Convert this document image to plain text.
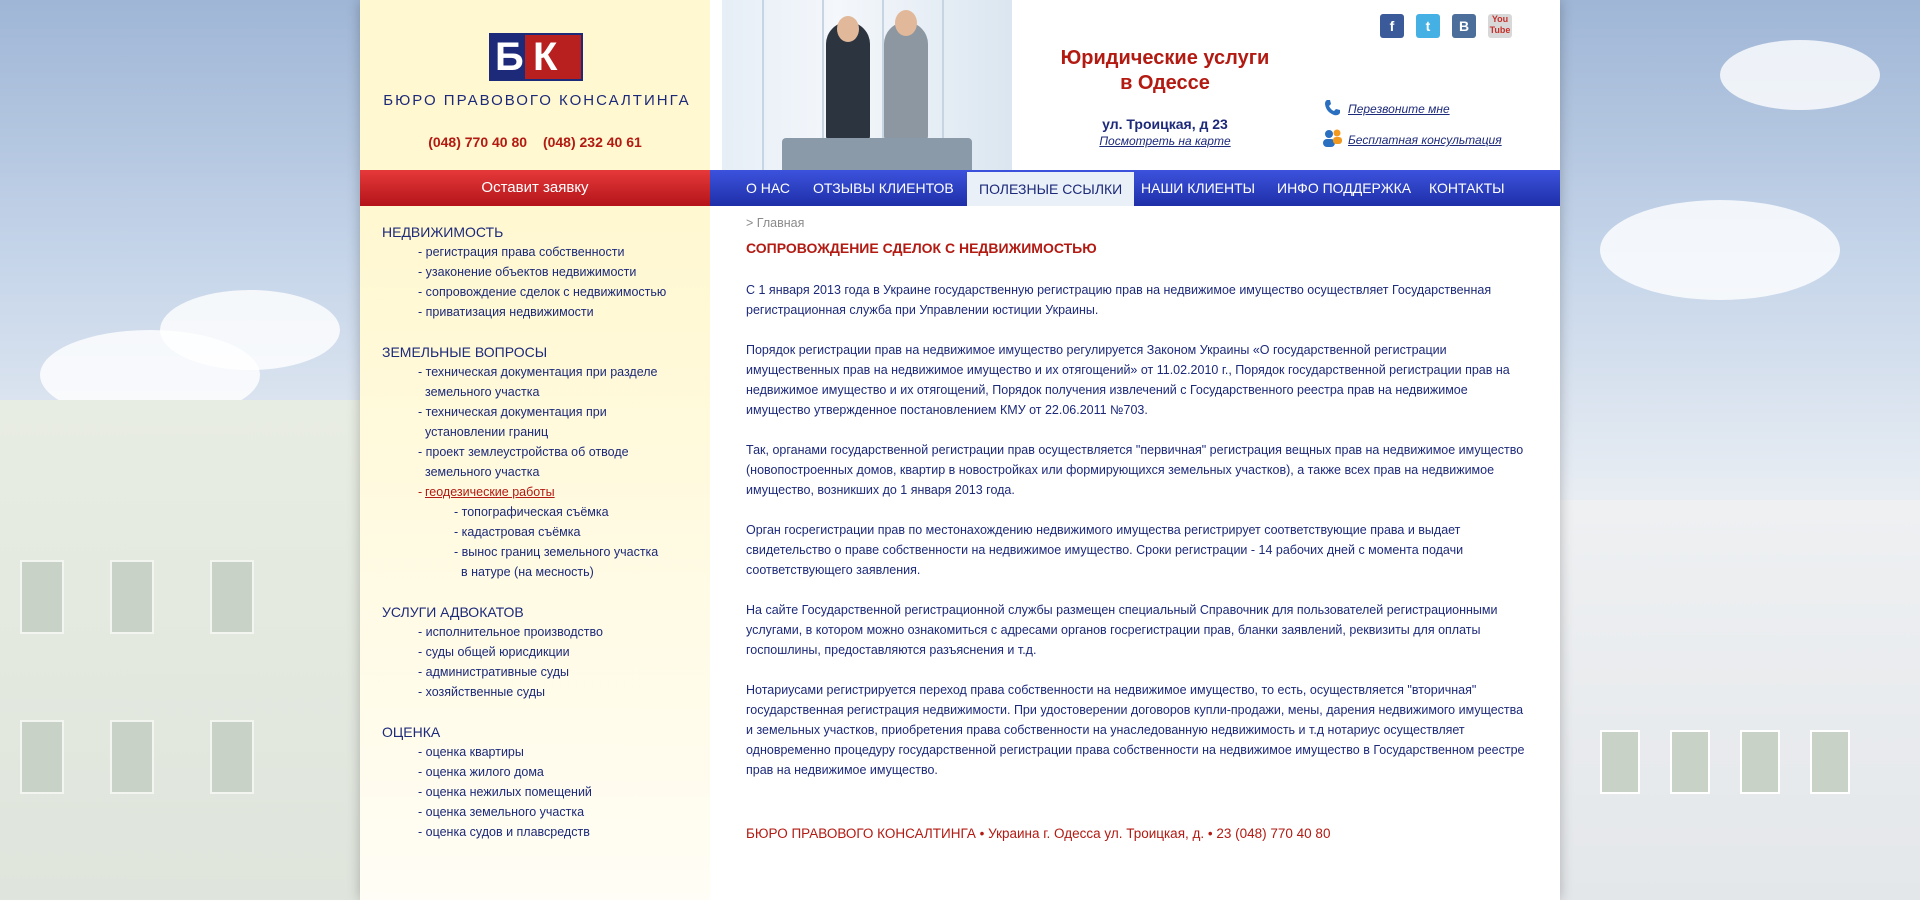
Б К
БЮРО ПРАВОВОГО КОНСАЛТИНГА
(048) 770 40 80 (048) 232 40 61
Юридические услуги
в Одессе
ул. Троицкая, д 23
Посмотреть на карте
f	t	B	You
Tube
Перезвоните мне
Бесплатная консультация
Оставит заявку	О НАС ОТЗЫВЫ КЛИЕНТОВ	ПОЛЕЗНЫЕ ССЫЛКИ	НАШИ КЛИЕНТЫ ИНФО ПОДДЕРЖКА КОНТАКТЫ
НЕДВИЖИМОСТЬ
- регистрация права собственности
- узаконение объектов недвижимости
- сопровождение сделок с недвижимостью
- приватизация недвижимости
ЗЕМЕЛЬНЫЕ ВОПРОСЫ
- техническая документация при разделе
земельного участка
- техническая документация при
установлении границ
- проект землеустройства об отводе
земельного участка
- геодезические работы
- топографическая съёмка
- кадастровая съёмка
- вынос границ земельного участка
в натуре (на месность)
УСЛУГИ АДВОКАТОВ
- исполнительное производство
- суды общей юрисдикции
- административные суды
- хозяйственные суды
ОЦЕНКА
- оценка квартиры
- оценка жилого дома
- оценка нежилых помещений
- оценка земельного участка
- оценка судов и плавсредств
> Главная
СОПРОВОЖДЕНИЕ СДЕЛОК С НЕДВИЖИМОСТЬЮ
С 1 января 2013 года в Украине государственную регистрацию прав на недвижимое имущество осуществляет Государственная регистрационная служба при Управлении юстиции Украины.
Порядок регистрации прав на недвижимое имущество регулируется Законом Украины «О государственной регистрации имущественных прав на недвижимое имущество и их отягощений» от 11.02.2010 г., Порядок государственной регистрации прав на недвижимое имущество и их отягощений, Порядок получения извлечений с Государственного реестра прав на недвижимое имущество утвержденное постановлением КМУ от 22.06.2011 №703.
Так, органами государственной регистрации прав осуществляется "первичная" регистрация вещных прав на недвижимое имущество (новопостроенных домов, квартир в новостройках или формирующихся земельных участков), а также всех прав на недвижимое имущество, возникших до 1 января 2013 года.
Орган госрегистрации прав по местонахождению недвижимого имущества регистрирует соответствующие права и выдает свидетельство о праве собственности на недвижимое имущество. Сроки регистрации - 14 рабочих дней с момента подачи соответствующего заявления.
На сайте Государственной регистрационной службы размещен специальный Справочник для пользователей регистрационными услугами, в котором можно ознакомиться с адресами органов госрегистрации прав, бланки заявлений, реквизиты для оплаты госпошлины, предоставляются разъяснения и т.д.
Нотариусами регистрируется переход права собственности на недвижимое имущество, то есть, осуществляется "вторичная" государственная регистрация недвижимости. При удостоверении договоров купли-продажи, мены, дарения недвижимого имущества и земельных участков, приобретения права собственности на унаследованную недвижимость и т.д нотариус осуществляет одновременно процедуру государственной регистрации права собственности на недвижимое имущество в Государственном реестре прав на недвижимое имущество.
БЮРО ПРАВОВОГО КОНСАЛТИНГА • Украина г. Одесса ул. Троицкая, д. • 23 (048) 770 40 80
